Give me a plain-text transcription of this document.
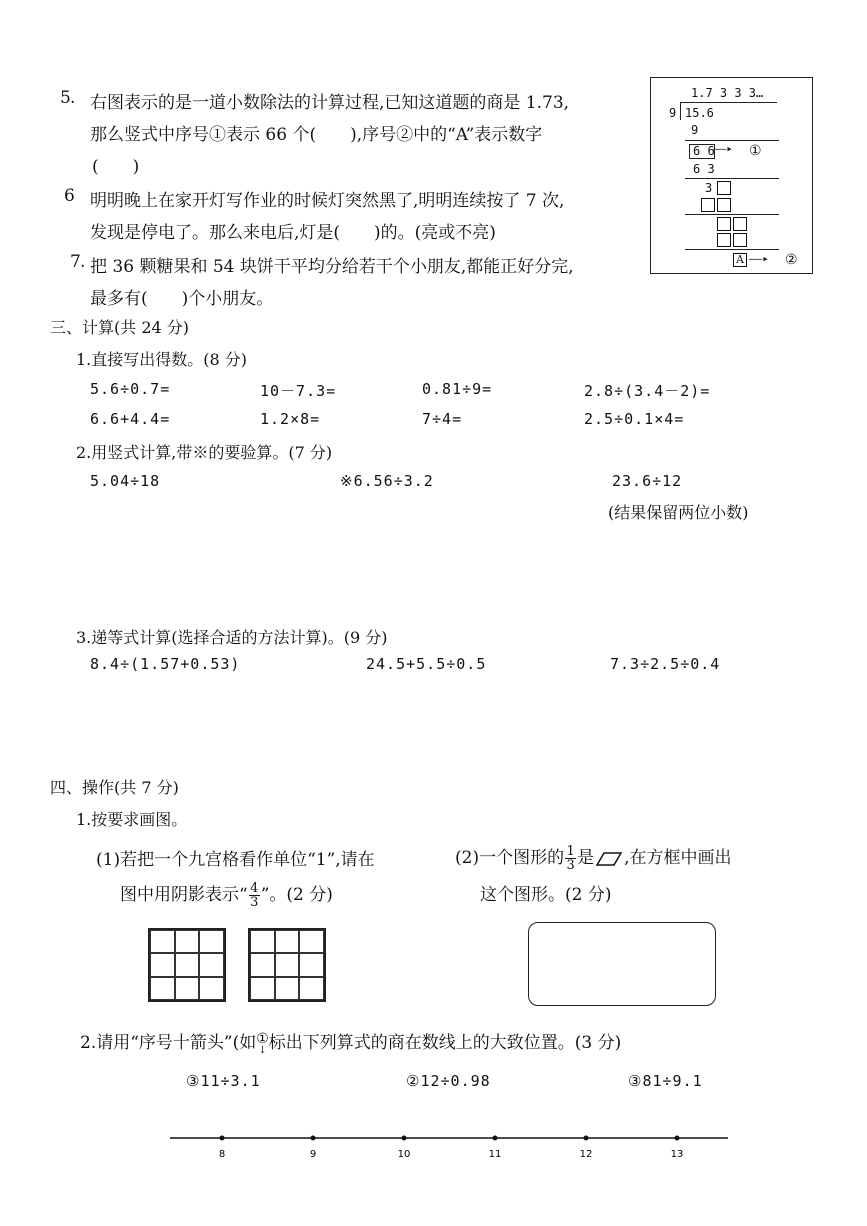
5 . 右图表示的是一道小数除法的计算过程,已知这道题的商是 1.73,
那么竖式中序号①表示 66 个(　　),序号②中的“A”表示数字
(　　)
6 明明晚上在家开灯写作业的时候灯突然黑了,明明连续按了 7 次,
发现是停电了。那么来电后,灯是(　　)的。(亮或不亮)
7 . 把 36 颗糖果和 54 块饼干平均分给若干个小朋友,都能正好分完,
最多有(　　)个小朋友。
1.7 3 3 3…
9 15.6
9
6 6
——▸ ①
6 3
3
A ——▸ ②
三、计算(共 24 分)
1.直接写出得数。(8 分)
5.6÷0.7=	10－7.3=	0.81÷9=	2.8÷(3.4－2)=
6.6+4.4=	1.2×8=	7÷4=	2.5÷0.1×4=
2.用竖式计算,带※的要验算。(7 分)
5.04÷18	※6.56÷3.2	23.6÷12
(结果保留两位小数)
3.递等式计算(选择合适的方法计算)。(9 分)
8.4÷(1.57+0.53)	24.5+5.5÷0.5	7.3÷2.5÷0.4
四、操作(共 7 分)
1.按要求画图。
(1)若把一个九宫格看作单位“1”,请在
图中用阴影表示“ $\frac{4}{3}$ ”。(2 分)
(2)一个图形的 $\frac{1}{3}$ 是 ,在方框中画出
这个图形。(2 分)
2.请用“序号十箭头”(如 ①
↓ 标出下列算式的商在数线上的大致位置。(3 分)
③11÷3.1	②12÷0.98	③81÷9.1
8	9	10	11	12	13
